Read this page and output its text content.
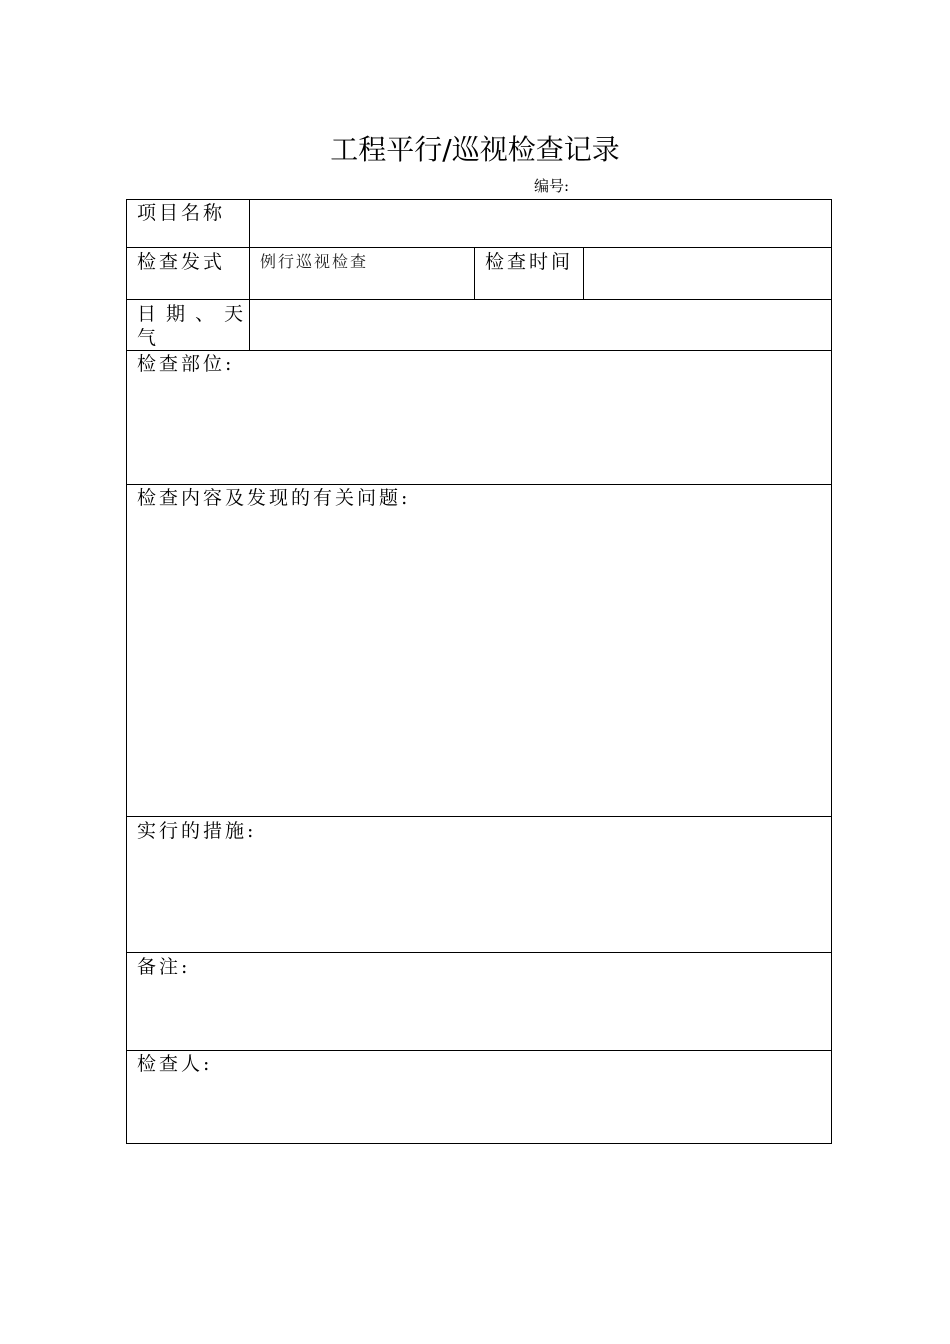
工程平行/巡视检查记录
编号:
项目名称
检查发式 例行巡视检查	检查时间
日 期 、 天
气
检查部位:
检查内容及发现的有关问题:
实行的措施:
备注:
检查人:
